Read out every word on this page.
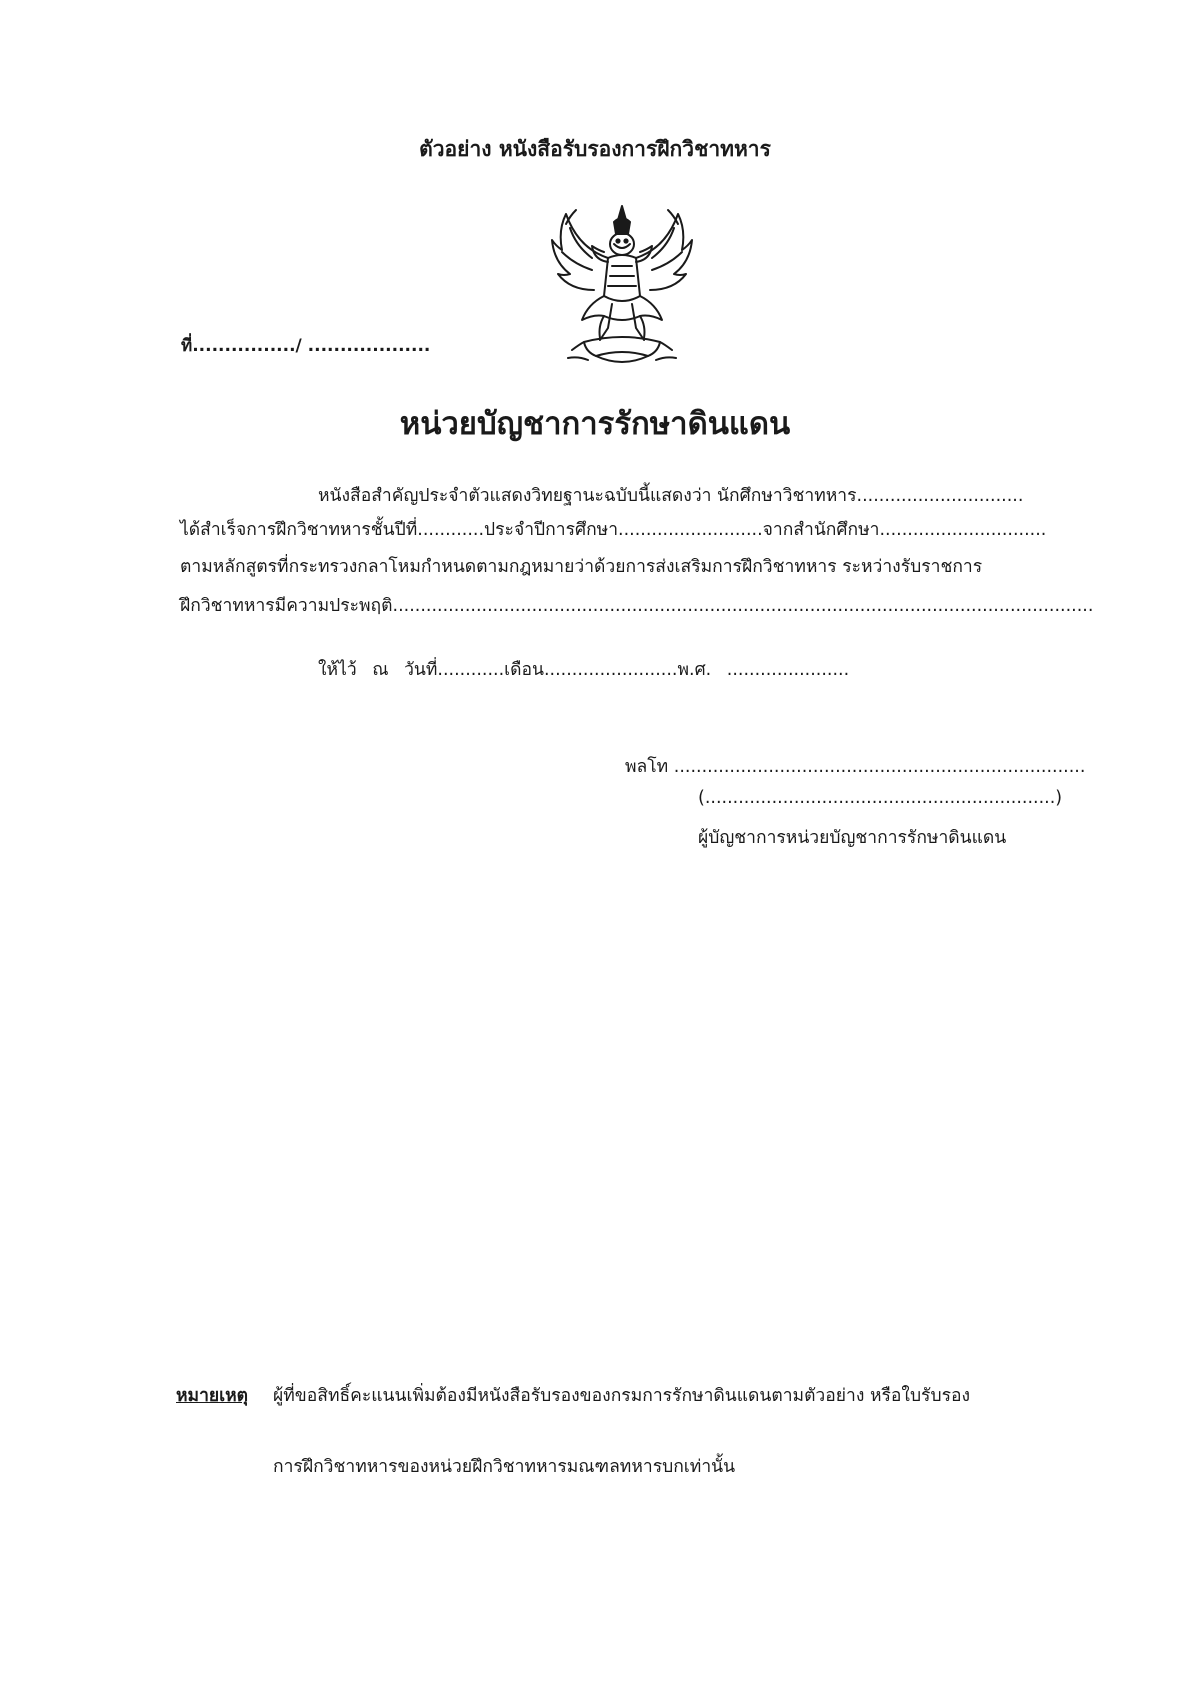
ตัวอย่าง หนังสือรับรองการฝึกวิชาทหาร
ที่................/ ...................
หน่วยบัญชาการรักษาดินแดน
หนังสือสำคัญประจำตัวแสดงวิทยฐานะฉบับนี้แสดงว่า นักศึกษาวิชาทหาร..............................
ได้สำเร็จการฝึกวิชาทหารชั้นปีที่............ประจำปีการศึกษา..........................จากสำนักศึกษา..............................
ตามหลักสูตรที่กระทรวงกลาโหมกำหนดตามกฎหมายว่าด้วยการส่งเสริมการฝึกวิชาทหาร ระหว่างรับราชการ
ฝึกวิชาทหารมีความประพฤติ..............................................................................................................................
ให้ไว้ ณ วันที่............เดือน........................พ.ศ. ......................
พลโท ..........................................................................
(...............................................................)
ผู้บัญชาการหน่วยบัญชาการรักษาดินแดน
หมายเหตุ ผู้ที่ขอสิทธิ์คะแนนเพิ่มต้องมีหนังสือรับรองของกรมการรักษาดินแดนตามตัวอย่าง หรือใบรับรอง
การฝึกวิชาทหารของหน่วยฝึกวิชาทหารมณฑลทหารบกเท่านั้น
